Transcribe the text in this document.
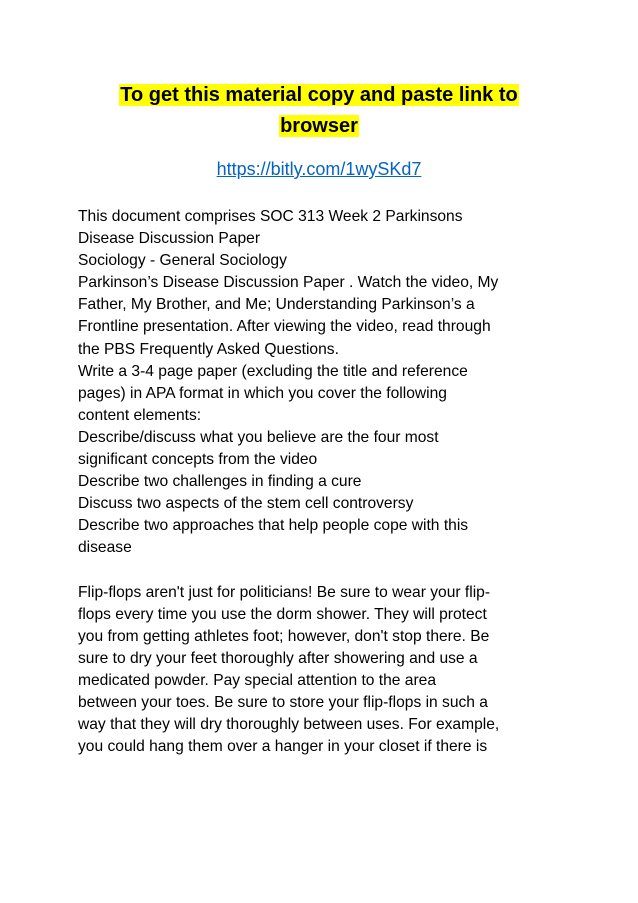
To get this material copy and paste link to
browser
https://bitly.com/1wySKd7
This document comprises SOC 313 Week 2 Parkinsons
Disease Discussion Paper
Sociology - General Sociology
Parkinson’s Disease Discussion Paper . Watch the video, My
Father, My Brother, and Me; Understanding Parkinson’s a
Frontline presentation. After viewing the video, read through
the PBS Frequently Asked Questions.
Write a 3-4 page paper (excluding the title and reference
pages) in APA format in which you cover the following
content elements:
Describe/discuss what you believe are the four most
significant concepts from the video
Describe two challenges in finding a cure
Discuss two aspects of the stem cell controversy
Describe two approaches that help people cope with this
disease
Flip-flops aren't just for politicians! Be sure to wear your flip-
flops every time you use the dorm shower. They will protect
you from getting athletes foot; however, don't stop there. Be
sure to dry your feet thoroughly after showering and use a
medicated powder. Pay special attention to the area
between your toes. Be sure to store your flip-flops in such a
way that they will dry thoroughly between uses. For example,
you could hang them over a hanger in your closet if there is
